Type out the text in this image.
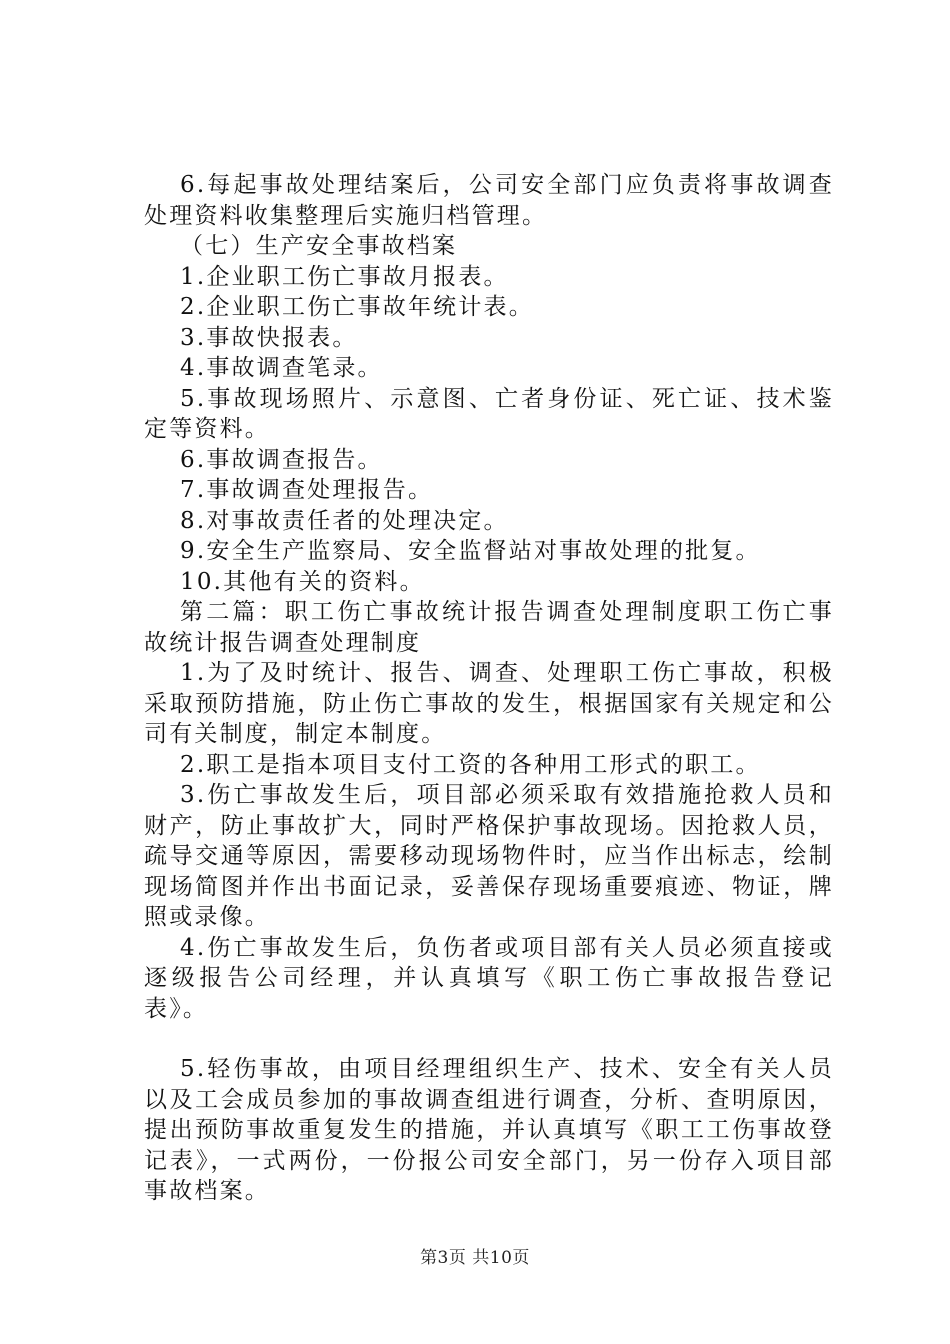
6.每起事故处理结案后，公司安全部门应负责将事故调查处理资料收集整理后实施归档管理。

（七）生产安全事故档案

1.企业职工伤亡事故月报表。

2.企业职工伤亡事故年统计表。

3.事故快报表。

4.事故调查笔录。

5.事故现场照片、示意图、亡者身份证、死亡证、技术鉴定等资料。

6.事故调查报告。

7.事故调查处理报告。

8.对事故责任者的处理决定。

9.安全生产监察局、安全监督站对事故处理的批复。

10.其他有关的资料。

第二篇：职工伤亡事故统计报告调查处理制度职工伤亡事故统计报告调查处理制度

1.为了及时统计、报告、调查、处理职工伤亡事故，积极采取预防措施，防止伤亡事故的发生，根据国家有关规定和公司有关制度，制定本制度。

2.职工是指本项目支付工资的各种用工形式的职工。

3.伤亡事故发生后，项目部必须采取有效措施抢救人员和财产，防止事故扩大，同时严格保护事故现场。因抢救人员，疏导交通等原因，需要移动现场物件时，应当作出标志，绘制现场简图并作出书面记录，妥善保存现场重要痕迹、物证，牌照或录像。

4.伤亡事故发生后，负伤者或项目部有关人员必须直接或逐级报告公司经理，并认真填写《职工伤亡事故报告登记表》。

5.轻伤事故，由项目经理组织生产、技术、安全有关人员以及工会成员参加的事故调查组进行调查，分析、查明原因，提出预防事故重复发生的措施，并认真填写《职工工伤事故登记表》，一式两份，一份报公司安全部门，另一份存入项目部事故档案。

第3页 共10页
